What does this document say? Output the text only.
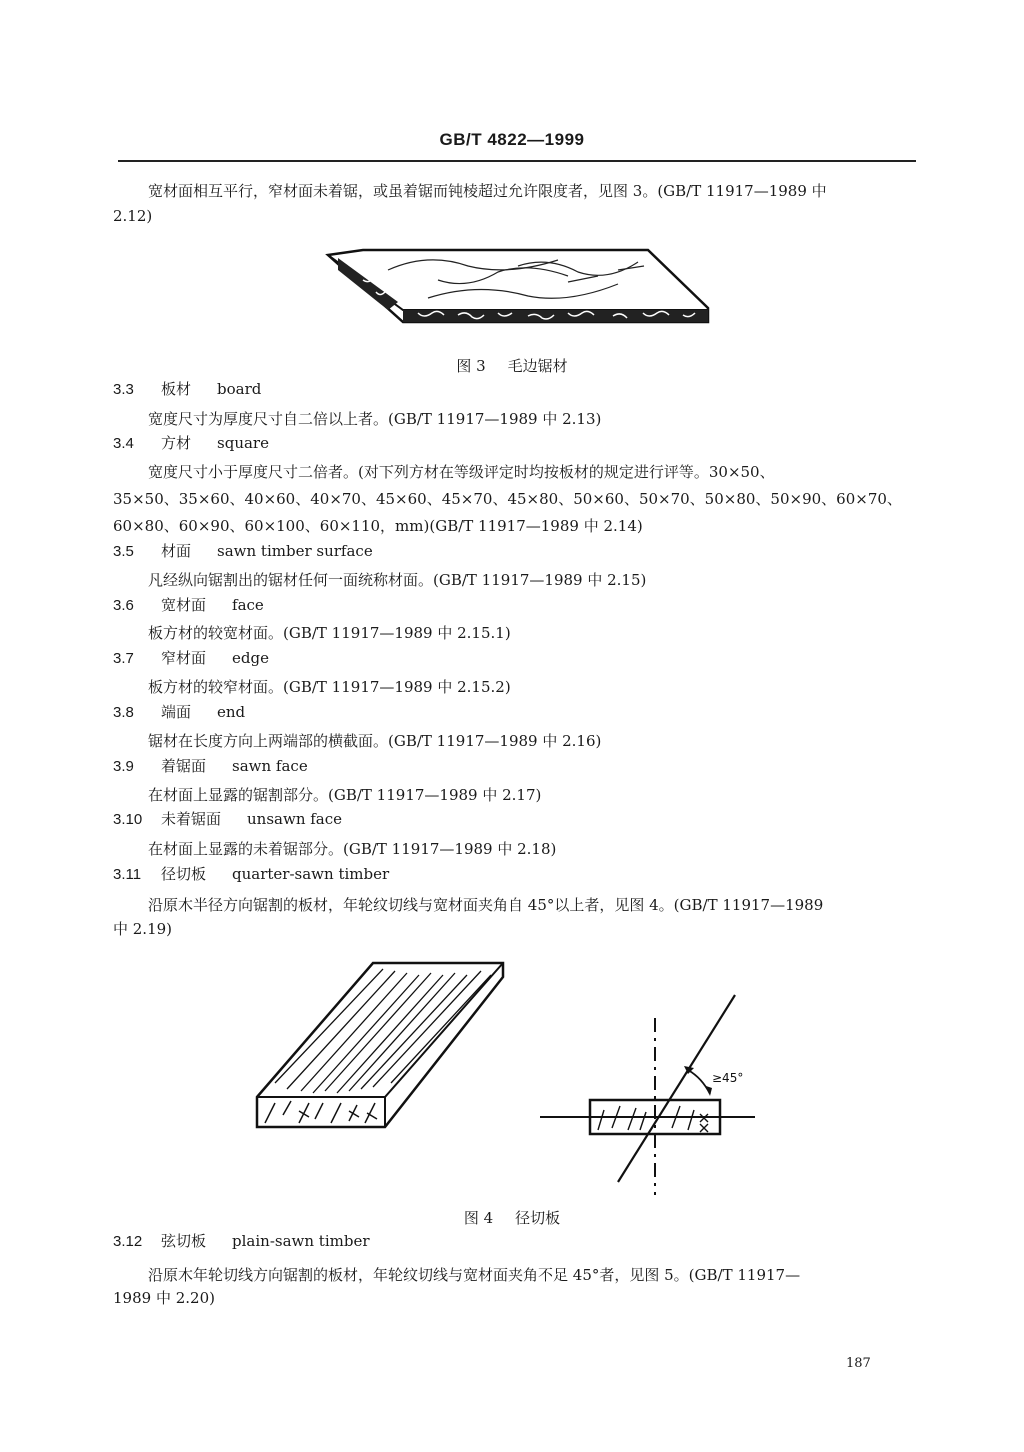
GB/T 4822—1999
宽材面相互平行，窄材面未着锯，或虽着锯而钝棱超过允许限度者，见图 3。(GB/T 11917—1989 中
2.12)
图 3 毛边锯材
3.3 板材 board
宽度尺寸为厚度尺寸自二倍以上者。(GB/T 11917—1989 中 2.13)
3.4 方材 square
宽度尺寸小于厚度尺寸二倍者。(对下列方材在等级评定时均按板材的规定进行评等。30×50、
35×50、35×60、40×60、40×70、45×60、45×70、45×80、50×60、50×70、50×80、50×90、60×70、
60×80、60×90、60×100、60×110，mm)(GB/T 11917—1989 中 2.14)
3.5 材面 sawn timber surface
凡经纵向锯割出的锯材任何一面统称材面。(GB/T 11917—1989 中 2.15)
3.6 宽材面 face
板方材的较宽材面。(GB/T 11917—1989 中 2.15.1)
3.7 窄材面 edge
板方材的较窄材面。(GB/T 11917—1989 中 2.15.2)
3.8 端面 end
锯材在长度方向上两端部的横截面。(GB/T 11917—1989 中 2.16)
3.9 着锯面 sawn face
在材面上显露的锯割部分。(GB/T 11917—1989 中 2.17)
3.10 未着锯面 unsawn face
在材面上显露的未着锯部分。(GB/T 11917—1989 中 2.18)
3.11 径切板 quarter-sawn timber
沿原木半径方向锯割的板材，年轮纹切线与宽材面夹角自 45°以上者，见图 4。(GB/T 11917—1989
中 2.19)
≥45°
图 4 径切板
3.12 弦切板 plain-sawn timber
沿原木年轮切线方向锯割的板材，年轮纹切线与宽材面夹角不足 45°者，见图 5。(GB/T 11917—
1989 中 2.20)
187
